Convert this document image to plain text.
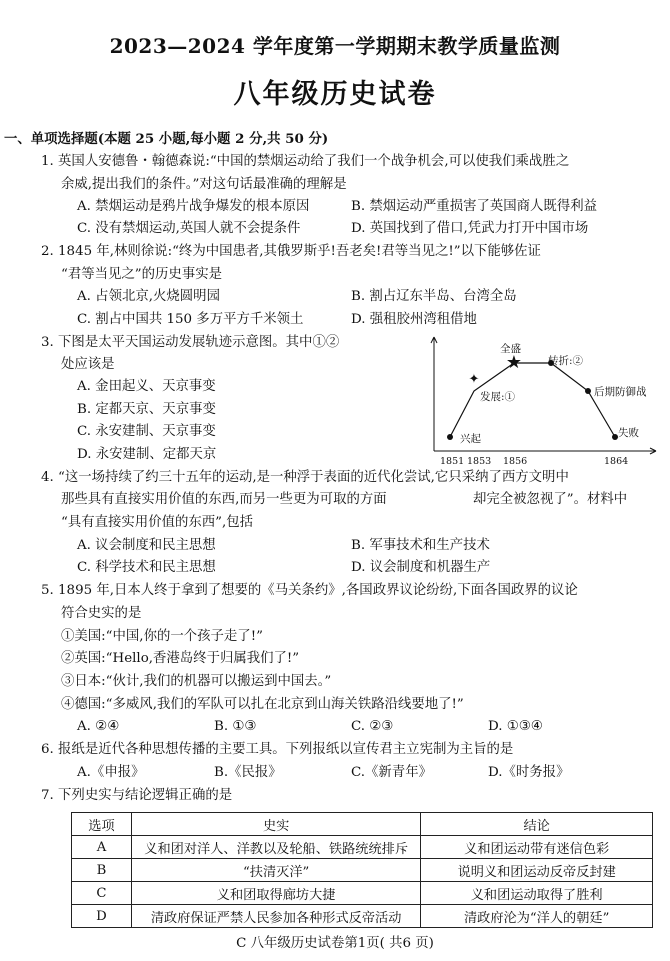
2023—2024 学年度第一学期期末教学质量监测
八年级历史试卷
一、单项选择题(本题 25 小题,每小题 2 分,共 50 分)
1. 英国人安德鲁・翰德森说:“中国的禁烟运动给了我们一个战争机会,可以使我们乘战胜之
余威,提出我们的条件。”对这句话最准确的理解是
A. 禁烟运动是鸦片战争爆发的根本原因	B. 禁烟运动严重损害了英国商人既得利益
C. 没有禁烟运动,英国人就不会提条件	D. 英国找到了借口,凭武力打开中国市场
2. 1845 年,林则徐说:“终为中国患者,其俄罗斯乎!吾老矣!君等当见之!”以下能够佐证
“君等当见之”的历史事实是
A. 占领北京,火烧圆明园	B. 割占辽东半岛、台湾全岛
C. 割占中国共 150 多万平方千米领土	D. 强租胶州湾租借地
3. 下图是太平天国运动发展轨迹示意图。其中①②
处应该是
A. 金田起义、天京事变
B. 定都天京、天京事变
C. 永安建制、天京事变
D. 永安建制、定都天京
✦
★
兴起
发展:①
全盛
转折:②
后期防御战
失败
1851 1853 1856	1864
4. “这一场持续了约三十五年的运动,是一种浮于表面的近代化尝试,它只采纳了西方文明中
那些具有直接实用价值的东西,而另一些更为可取的方面	却完全被忽视了”。材料中
“具有直接实用价值的东西”,包括
A. 议会制度和民主思想	B. 军事技术和生产技术
C. 科学技术和民主思想	D. 议会制度和机器生产
5. 1895 年,日本人终于拿到了想要的《马关条约》,各国政界议论纷纷,下面各国政界的议论
符合史实的是
①美国:“中国,你的一个孩子走了!”
②英国:“Hello,香港岛终于归属我们了!”
③日本:“伙计,我们的机器可以搬运到中国去。”
④德国:“多威风,我们的军队可以扎在北京到山海关铁路沿线要地了!”
A. ②④	B. ①③	C. ②③	D. ①③④
6. 报纸是近代各种思想传播的主要工具。下列报纸以宣传君主立宪制为主旨的是
A.《申报》	B.《民报》	C.《新青年》	D.《时务报》
7. 下列史实与结论逻辑正确的是
选项	史实	结论
A	义和团对洋人、洋教以及轮船、铁路统统排斥	义和团运动带有迷信色彩
B	“扶清灭洋”	说明义和团运动反帝反封建
C	义和团取得廊坊大捷	义和团运动取得了胜利
D	清政府保证严禁人民参加各种形式反帝活动	清政府沦为“洋人的朝廷”
C 八年级历史试卷第1页( 共6 页)
